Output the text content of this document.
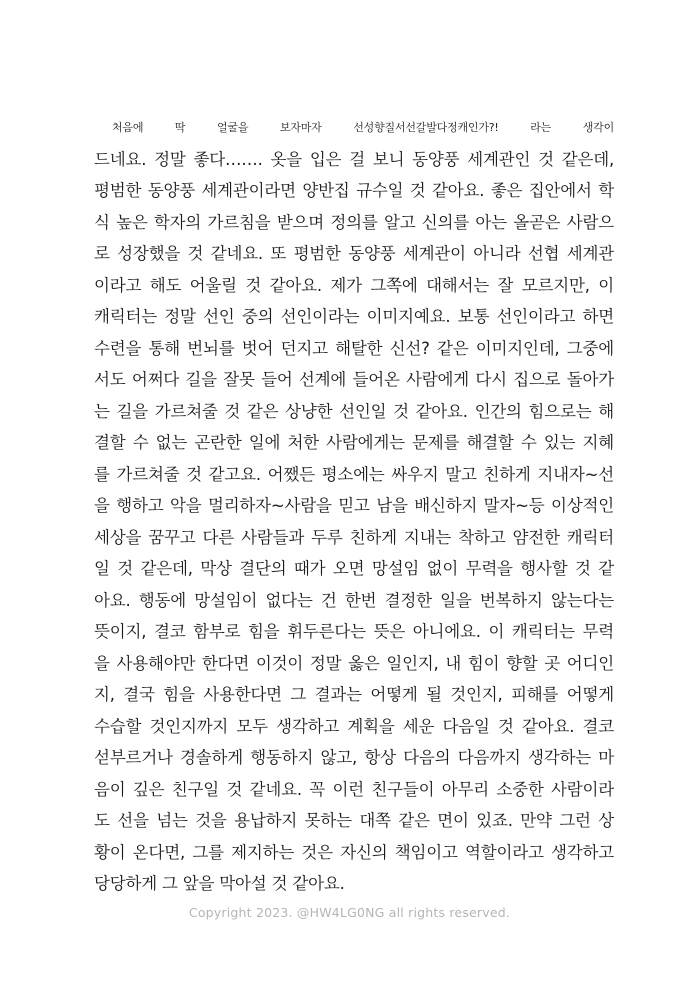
처음에 딱 얼굴을 보자마자 선성향질서선갈발다정캐인가?! 라는 생각이
드네요. 정말 좋다……. 옷을 입은 걸 보니 동양풍 세계관인 것 같은데,
평범한 동양풍 세계관이라면 양반집 규수일 것 같아요. 좋은 집안에서 학
식 높은 학자의 가르침을 받으며 정의를 알고 신의를 아는 올곧은 사람으
로 성장했을 것 같네요. 또 평범한 동양풍 세계관이 아니라 선협 세계관
이라고 해도 어울릴 것 같아요. 제가 그쪽에 대해서는 잘 모르지만, 이
캐릭터는 정말 선인 중의 선인이라는 이미지예요. 보통 선인이라고 하면
수련을 통해 번뇌를 벗어 던지고 해탈한 신선? 같은 이미지인데, 그중에
서도 어쩌다 길을 잘못 들어 선계에 들어온 사람에게 다시 집으로 돌아가
는 길을 가르쳐줄 것 같은 상냥한 선인일 것 같아요. 인간의 힘으로는 해
결할 수 없는 곤란한 일에 처한 사람에게는 문제를 해결할 수 있는 지혜
를 가르쳐줄 것 같고요. 어쨌든 평소에는 싸우지 말고 친하게 지내자~선
을 행하고 악을 멀리하자~사람을 믿고 남을 배신하지 말자~등 이상적인
세상을 꿈꾸고 다른 사람들과 두루 친하게 지내는 착하고 얌전한 캐릭터
일 것 같은데, 막상 결단의 때가 오면 망설임 없이 무력을 행사할 것 같
아요. 행동에 망설임이 없다는 건 한번 결정한 일을 번복하지 않는다는
뜻이지, 결코 함부로 힘을 휘두른다는 뜻은 아니에요. 이 캐릭터는 무력
을 사용해야만 한다면 이것이 정말 옳은 일인지, 내 힘이 향할 곳 어디인
지, 결국 힘을 사용한다면 그 결과는 어떻게 될 것인지, 피해를 어떻게
수습할 것인지까지 모두 생각하고 계획을 세운 다음일 것 같아요. 결코
섣부르거나 경솔하게 행동하지 않고, 항상 다음의 다음까지 생각하는 마
음이 깊은 친구일 것 같네요. 꼭 이런 친구들이 아무리 소중한 사람이라
도 선을 넘는 것을 용납하지 못하는 대쪽 같은 면이 있죠. 만약 그런 상
황이 온다면, 그를 제지하는 것은 자신의 책임이고 역할이라고 생각하고
당당하게 그 앞을 막아설 것 같아요.
Copyright 2023. @HW4LG0NG all rights reserved.
